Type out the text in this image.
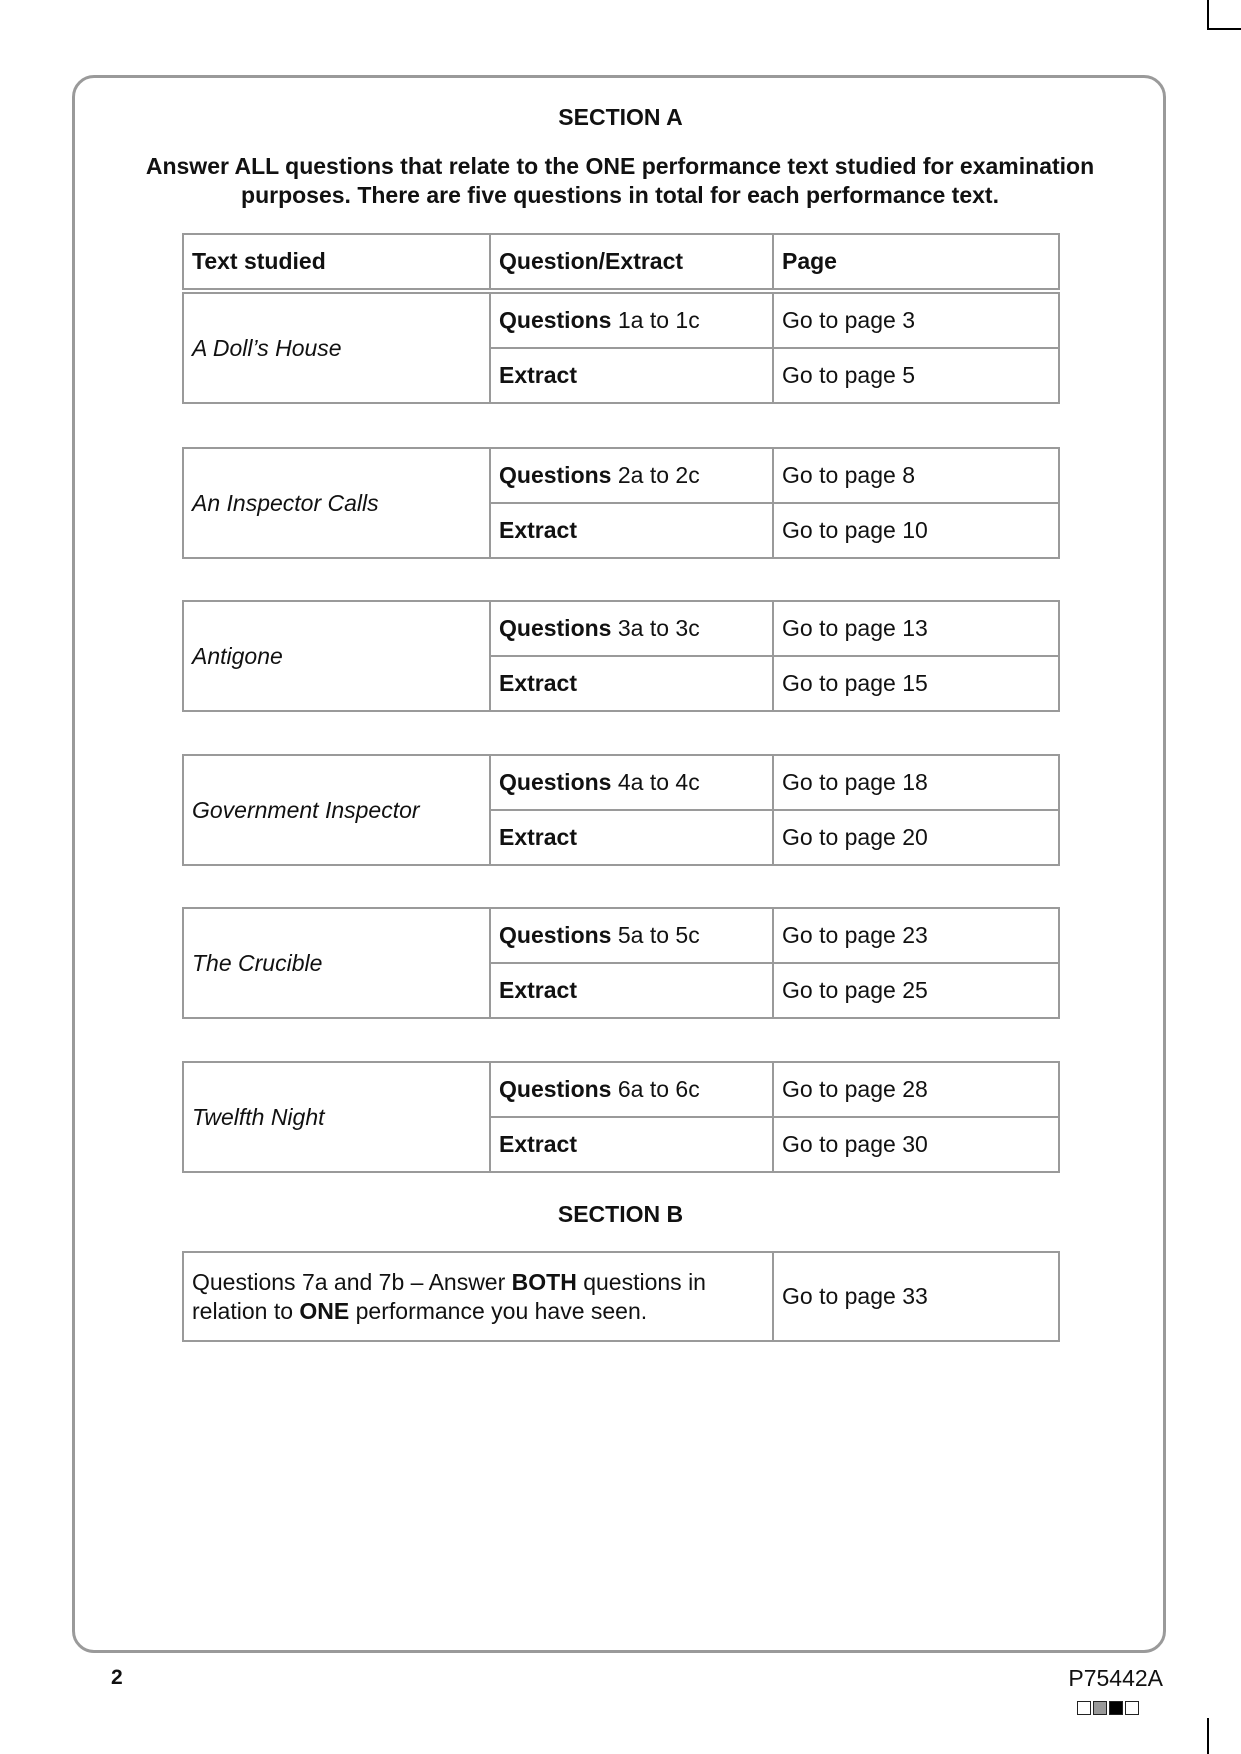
SECTION A
Answer ALL questions that relate to the ONE performance text studied for examination purposes. There are five questions in total for each performance text.
Text studied	Question/Extract	Page
A Doll’s House	Questions 1a to 1c	Go to page 3
	Extract	Go to page 5
An Inspector Calls	Questions 2a to 2c	Go to page 8
	Extract	Go to page 10
Antigone	Questions 3a to 3c	Go to page 13
	Extract	Go to page 15
Government Inspector	Questions 4a to 4c	Go to page 18
	Extract	Go to page 20
The Crucible	Questions 5a to 5c	Go to page 23
	Extract	Go to page 25
Twelfth Night	Questions 6a to 6c	Go to page 28
	Extract	Go to page 30
SECTION B
Questions 7a and 7b – Answer BOTH questions in relation to ONE performance you have seen.	Go to page 33
2	P75442A
